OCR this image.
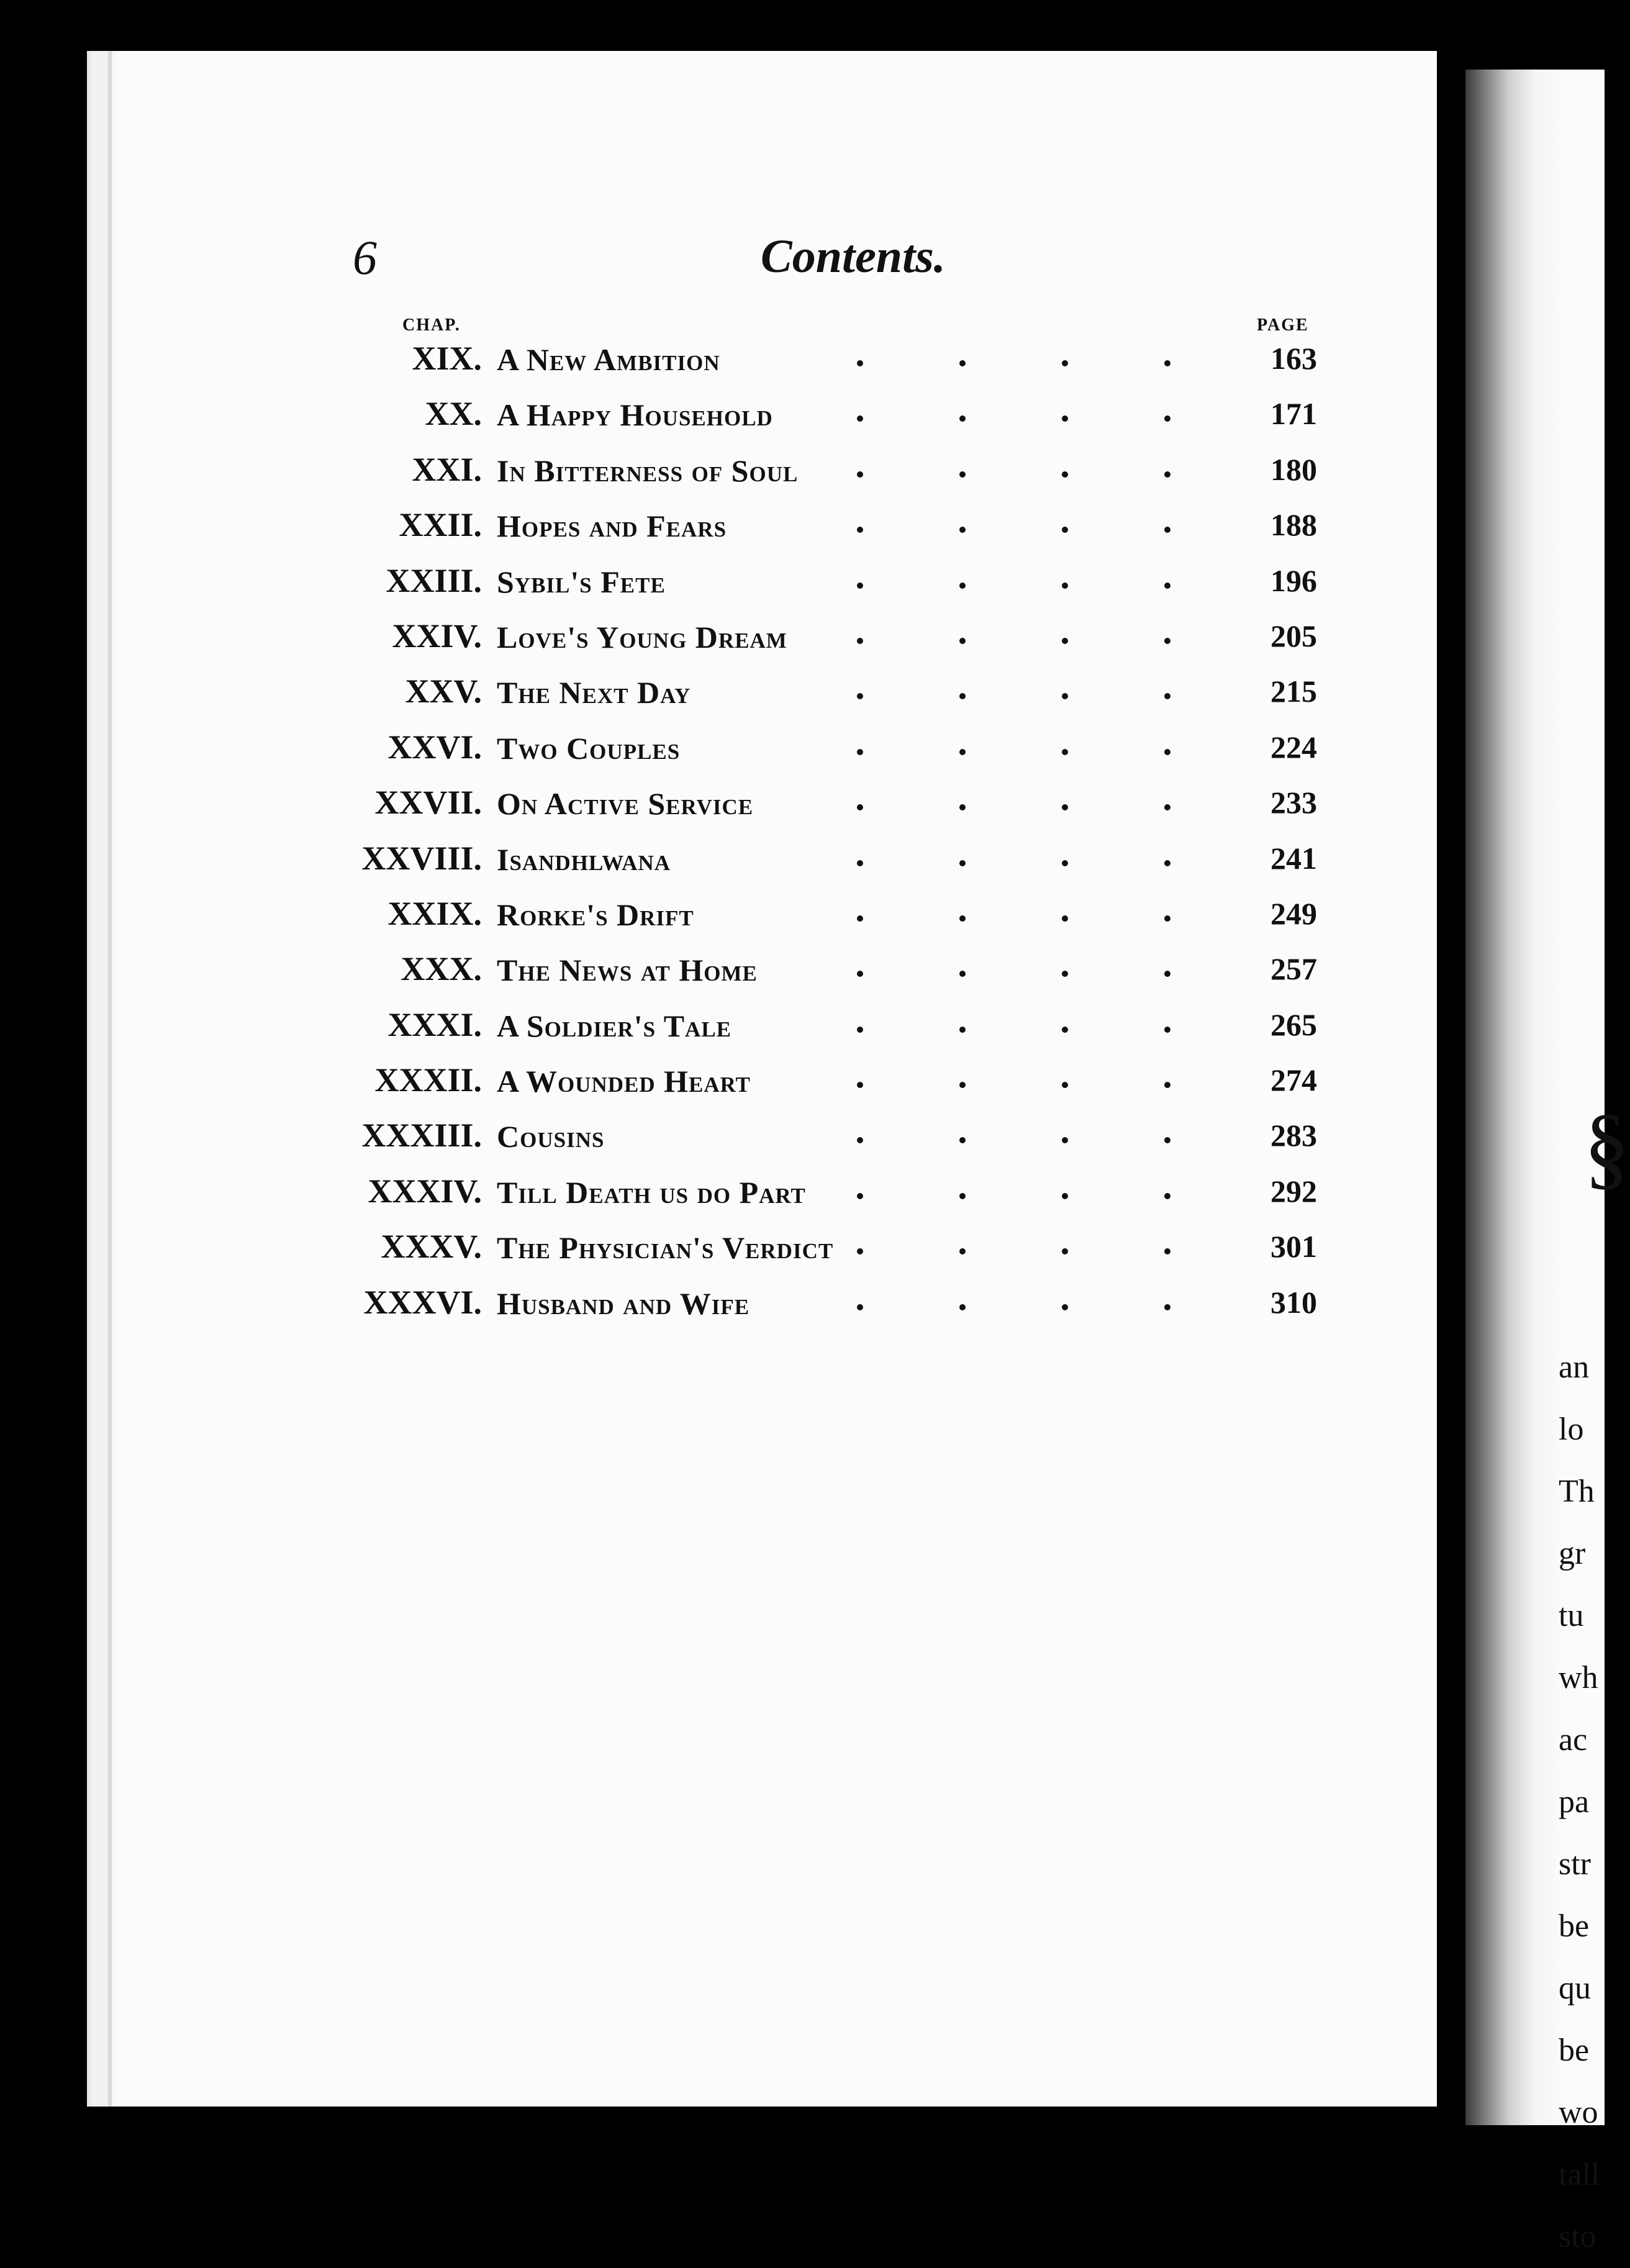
§
an
lo
Th
gr
tu
wh
ac
pa
str
be
qu
be
wo
tall
sto
6	Contents.
CHAP.	PAGE
XIX. A New Ambition	163
XX. A Happy Household	171
XXI. In Bitterness of Soul	180
XXII. Hopes and Fears	188
XXIII. Sybil's Fete	196
XXIV. Love's Young Dream	205
XXV. The Next Day	215
XXVI. Two Couples	224
XXVII. On Active Service	233
XXVIII. Isandhlwana	241
XXIX. Rorke's Drift	249
XXX. The News at Home	257
XXXI. A Soldier's Tale	265
XXXII. A Wounded Heart	274
XXXIII. Cousins	283
XXXIV. Till Death us do Part	292
XXXV. The Physician's Verdict	301
XXXVI. Husband and Wife	310
